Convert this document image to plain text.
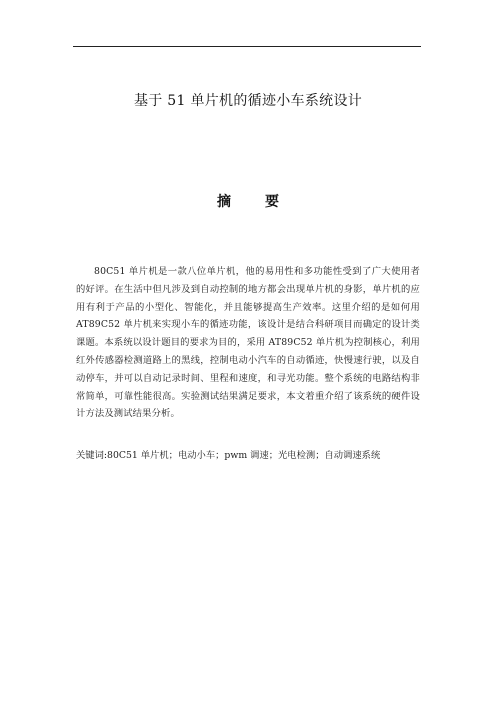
基于 51 单片机的循迹小车系统设计
摘　要
80C51 单片机是一款八位单片机，他的易用性和多功能性受到了广大使用者的好评。在生活中但凡涉及到自动控制的地方都会出现单片机的身影，单片机的应用有利于产品的小型化、智能化，并且能够提高生产效率。这里介绍的是如何用 AT89C52 单片机来实现小车的循迹功能，该设计是结合科研项目而确定的设计类课题。本系统以设计题目的要求为目的，采用 AT89C52 单片机为控制核心，利用红外传感器检测道路上的黑线，控制电动小汽车的自动循迹，快慢速行驶，以及自动停车，并可以自动记录时间、里程和速度，和寻光功能。整个系统的电路结构非常简单，可靠性能很高。实验测试结果满足要求，本文着重介绍了该系统的硬件设计方法及测试结果分析。
关键词:80C51 单片机；电动小车；pwm 调速；光电检测；自动调速系统
